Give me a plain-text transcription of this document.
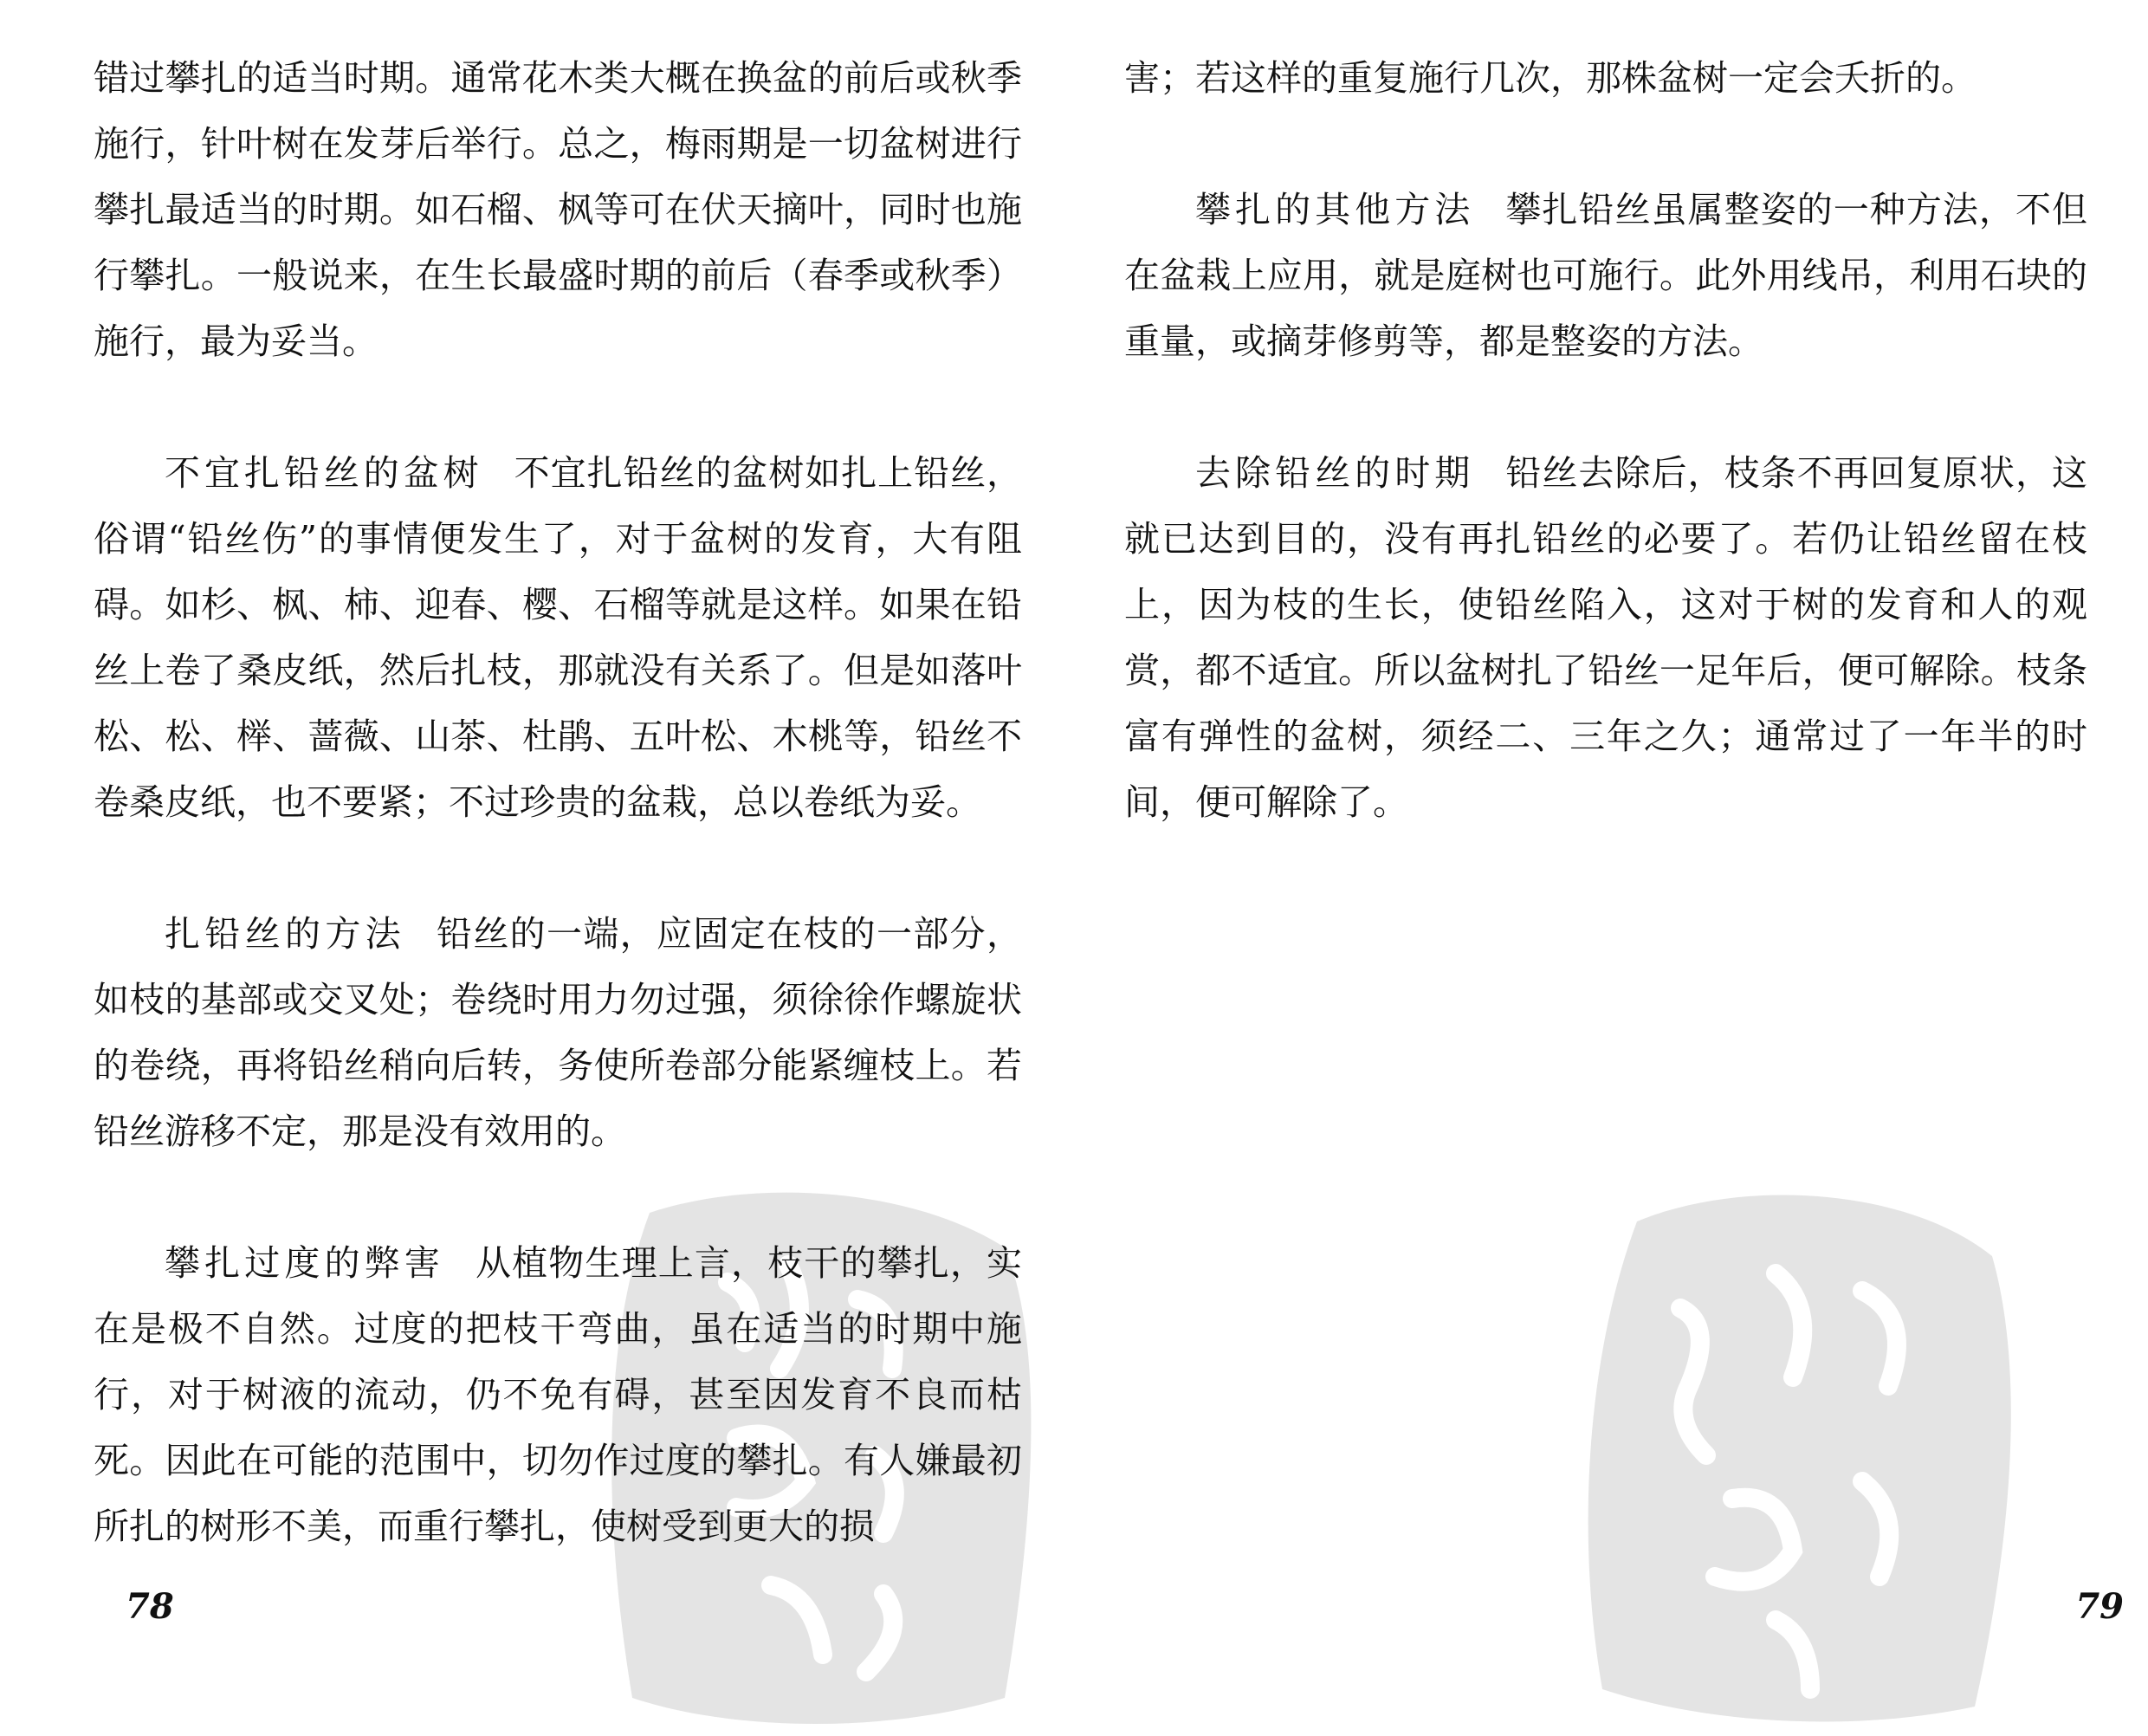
错过攀扎的适当时期。通常花木类大概在换盆的前后或秋季施行，针叶树在发芽后举行。总之，梅雨期是一切盆树进行攀扎最适当的时期。如石榴、枫等可在伏天摘叶，同时也施行攀扎。一般说来，在生长最盛时期的前后（春季或秋季）施行，最为妥当。

不宜扎铅丝的盆树 不宜扎铅丝的盆树如扎上铅丝，俗谓“铅丝伤”的事情便发生了，对于盆树的发育，大有阻碍。如杉、枫、柿、迎春、樱、石榴等就是这样。如果在铅丝上卷了桑皮纸，然后扎枝，那就没有关系了。但是如落叶松、松、榉、蔷薇、山茶、杜鹃、五叶松、木桃等，铅丝不卷桑皮纸，也不要紧；不过珍贵的盆栽，总以卷纸为妥。

扎铅丝的方法 铅丝的一端，应固定在枝的一部分，如枝的基部或交叉处；卷绕时用力勿过强，须徐徐作螺旋状的卷绕，再将铅丝稍向后转，务使所卷部分能紧缠枝上。若铅丝游移不定，那是没有效用的。

攀扎过度的弊害 从植物生理上言，枝干的攀扎，实在是极不自然。过度的把枝干弯曲，虽在适当的时期中施行，对于树液的流动，仍不免有碍，甚至因发育不良而枯死。因此在可能的范围中，切勿作过度的攀扎。有人嫌最初所扎的树形不美，而重行攀扎，使树受到更大的损

78

害；若这样的重复施行几次，那株盆树一定会夭折的。

攀扎的其他方法 攀扎铅丝虽属整姿的一种方法，不但在盆栽上应用，就是庭树也可施行。此外用线吊，利用石块的重量，或摘芽修剪等，都是整姿的方法。

去除铅丝的时期 铅丝去除后，枝条不再回复原状，这就已达到目的，没有再扎铅丝的必要了。若仍让铅丝留在枝上，因为枝的生长，使铅丝陷入，这对于树的发育和人的观赏，都不适宜。所以盆树扎了铅丝一足年后，便可解除。枝条富有弹性的盆树，须经二、三年之久；通常过了一年半的时间，便可解除了。

79
